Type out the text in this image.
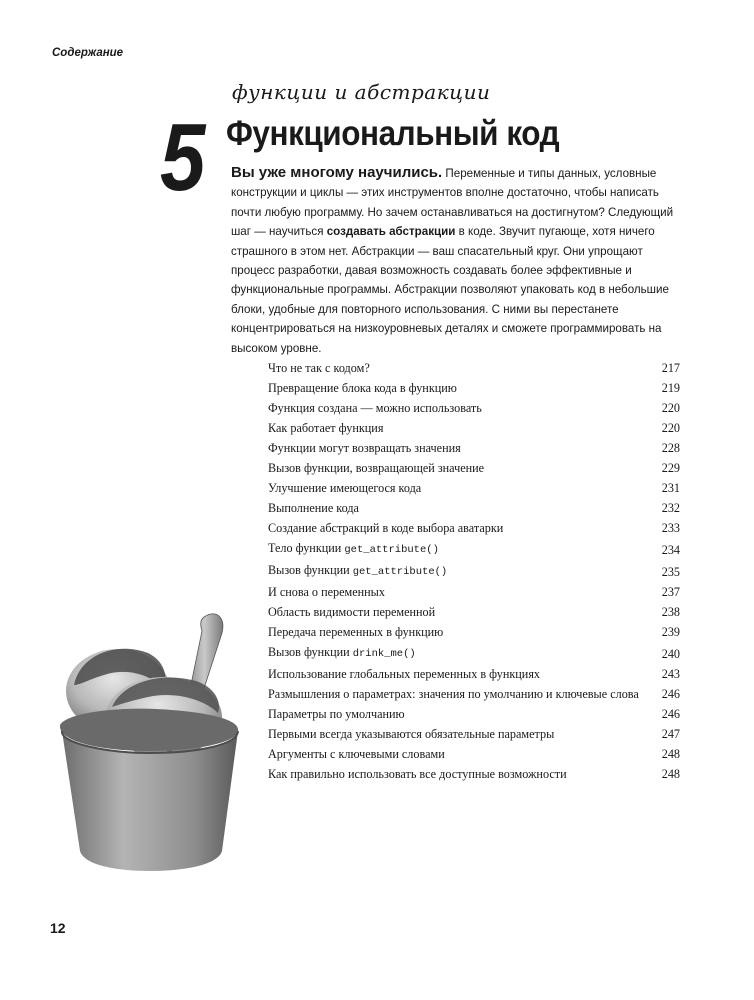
Содержание
5
функции и абстракции
Функциональный код
Вы уже многому научились. Переменные и типы данных, условные конструкции и циклы — этих инструментов вполне достаточно, чтобы написать почти любую программу. Но зачем останавливаться на достигнутом? Следующий шаг — научиться создавать абстракции в коде. Звучит пугающе, хотя ничего страшного в этом нет. Абстракции — ваш спасательный круг. Они упрощают процесс разработки, давая возможность создавать более эффективные и функциональные программы. Абстракции позволяют упаковать код в небольшие блоки, удобные для повторного использования. С ними вы перестанете концентрироваться на низкоуровневых деталях и сможете программировать на высоком уровне.
Что не так с кодом?	217
Превращение блока кода в функцию	219
Функция создана — можно использовать	220
Как работает функция	220
Функции могут возвращать значения	228
Вызов функции, возвращающей значение	229
Улучшение имеющегося кода	231
Выполнение кода	232
Создание абстракций в коде выбора аватарки	233
Тело функции get_attribute()	234
Вызов функции get_attribute()	235
И снова о переменных	237
Область видимости переменной	238
Передача переменных в функцию	239
Вызов функции drink_me()	240
Использование глобальных переменных в функциях	243
Размышления о параметрах: значения по умолчанию и ключевые слова	246
Параметры по умолчанию	246
Первыми всегда указываются обязательные параметры	247
Аргументы с ключевыми словами	248
Как правильно использовать все доступные возможности	248
12
